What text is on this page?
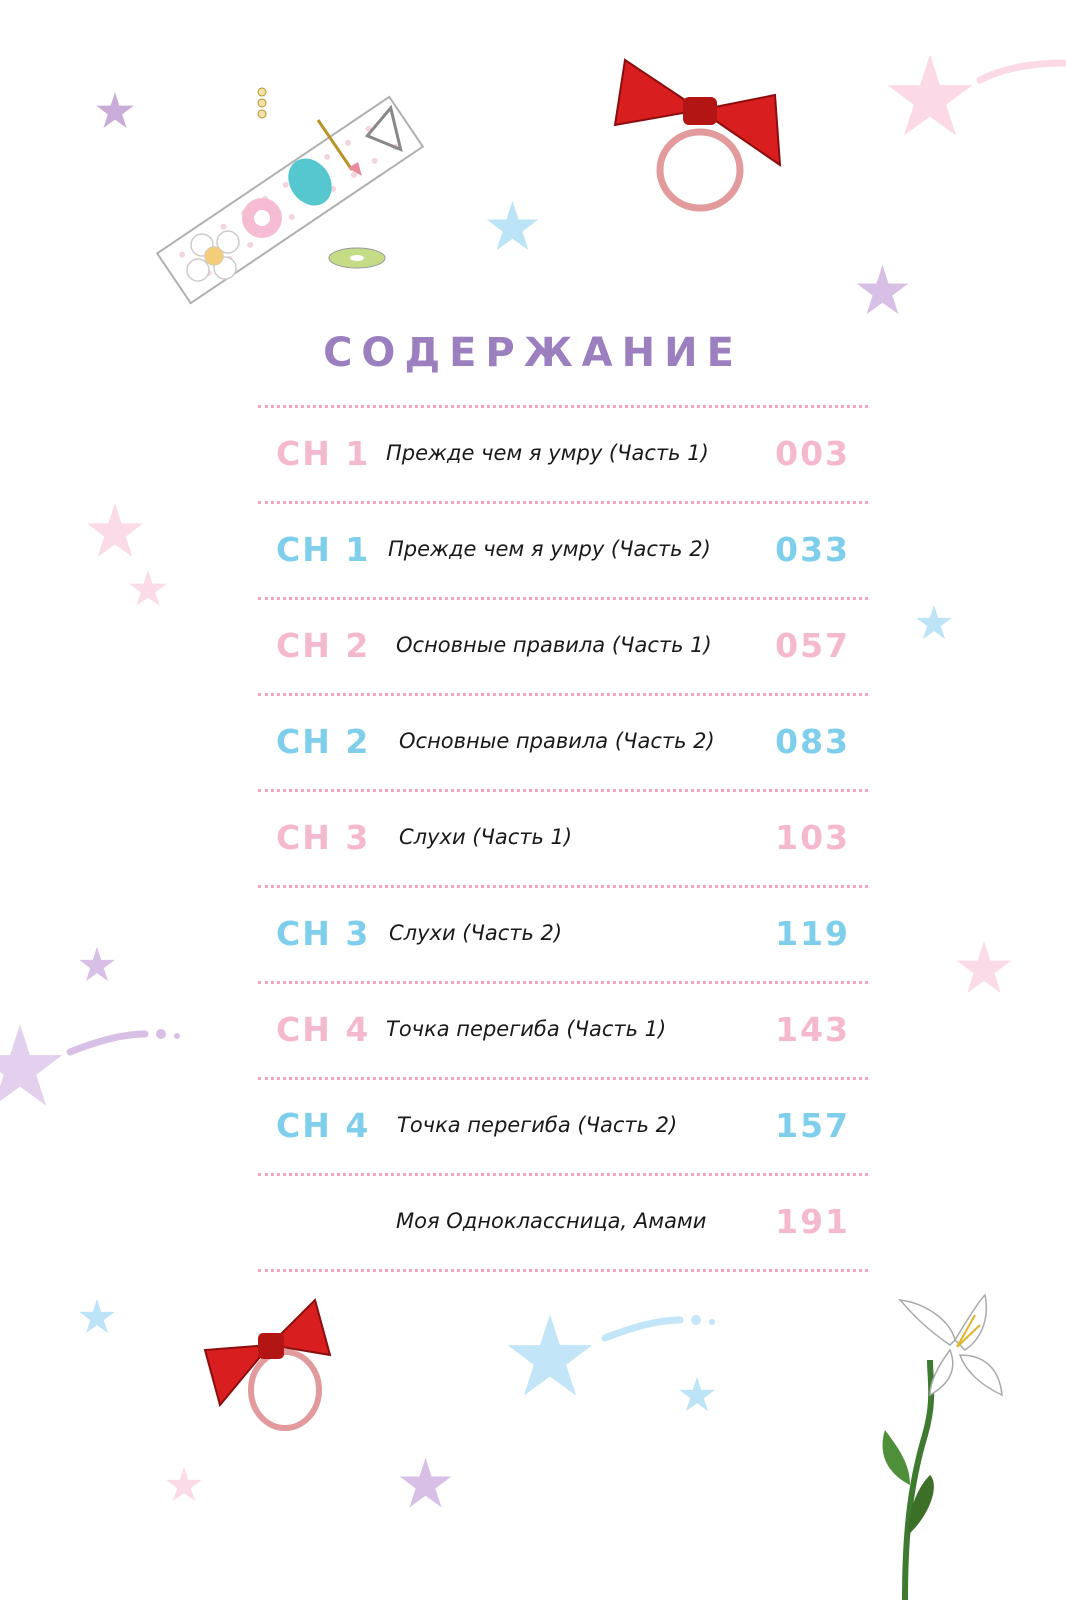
СОДЕРЖАНИЕ
CH 1 Прежде чем я умру (Часть 1) 003
CH 1 Прежде чем я умру (Часть 2) 033
CH 2 Основные правила (Часть 1) 057
CH 2 Основные правила (Часть 2) 083
CH 3 Слухи (Часть 1)	103
CH 3 Слухи (Часть 2)	119
CH 4 Точка перегиба (Часть 1)	143
CH 4 Точка перегиба (Часть 2)	157
Моя Одноклассница, Амами 191
